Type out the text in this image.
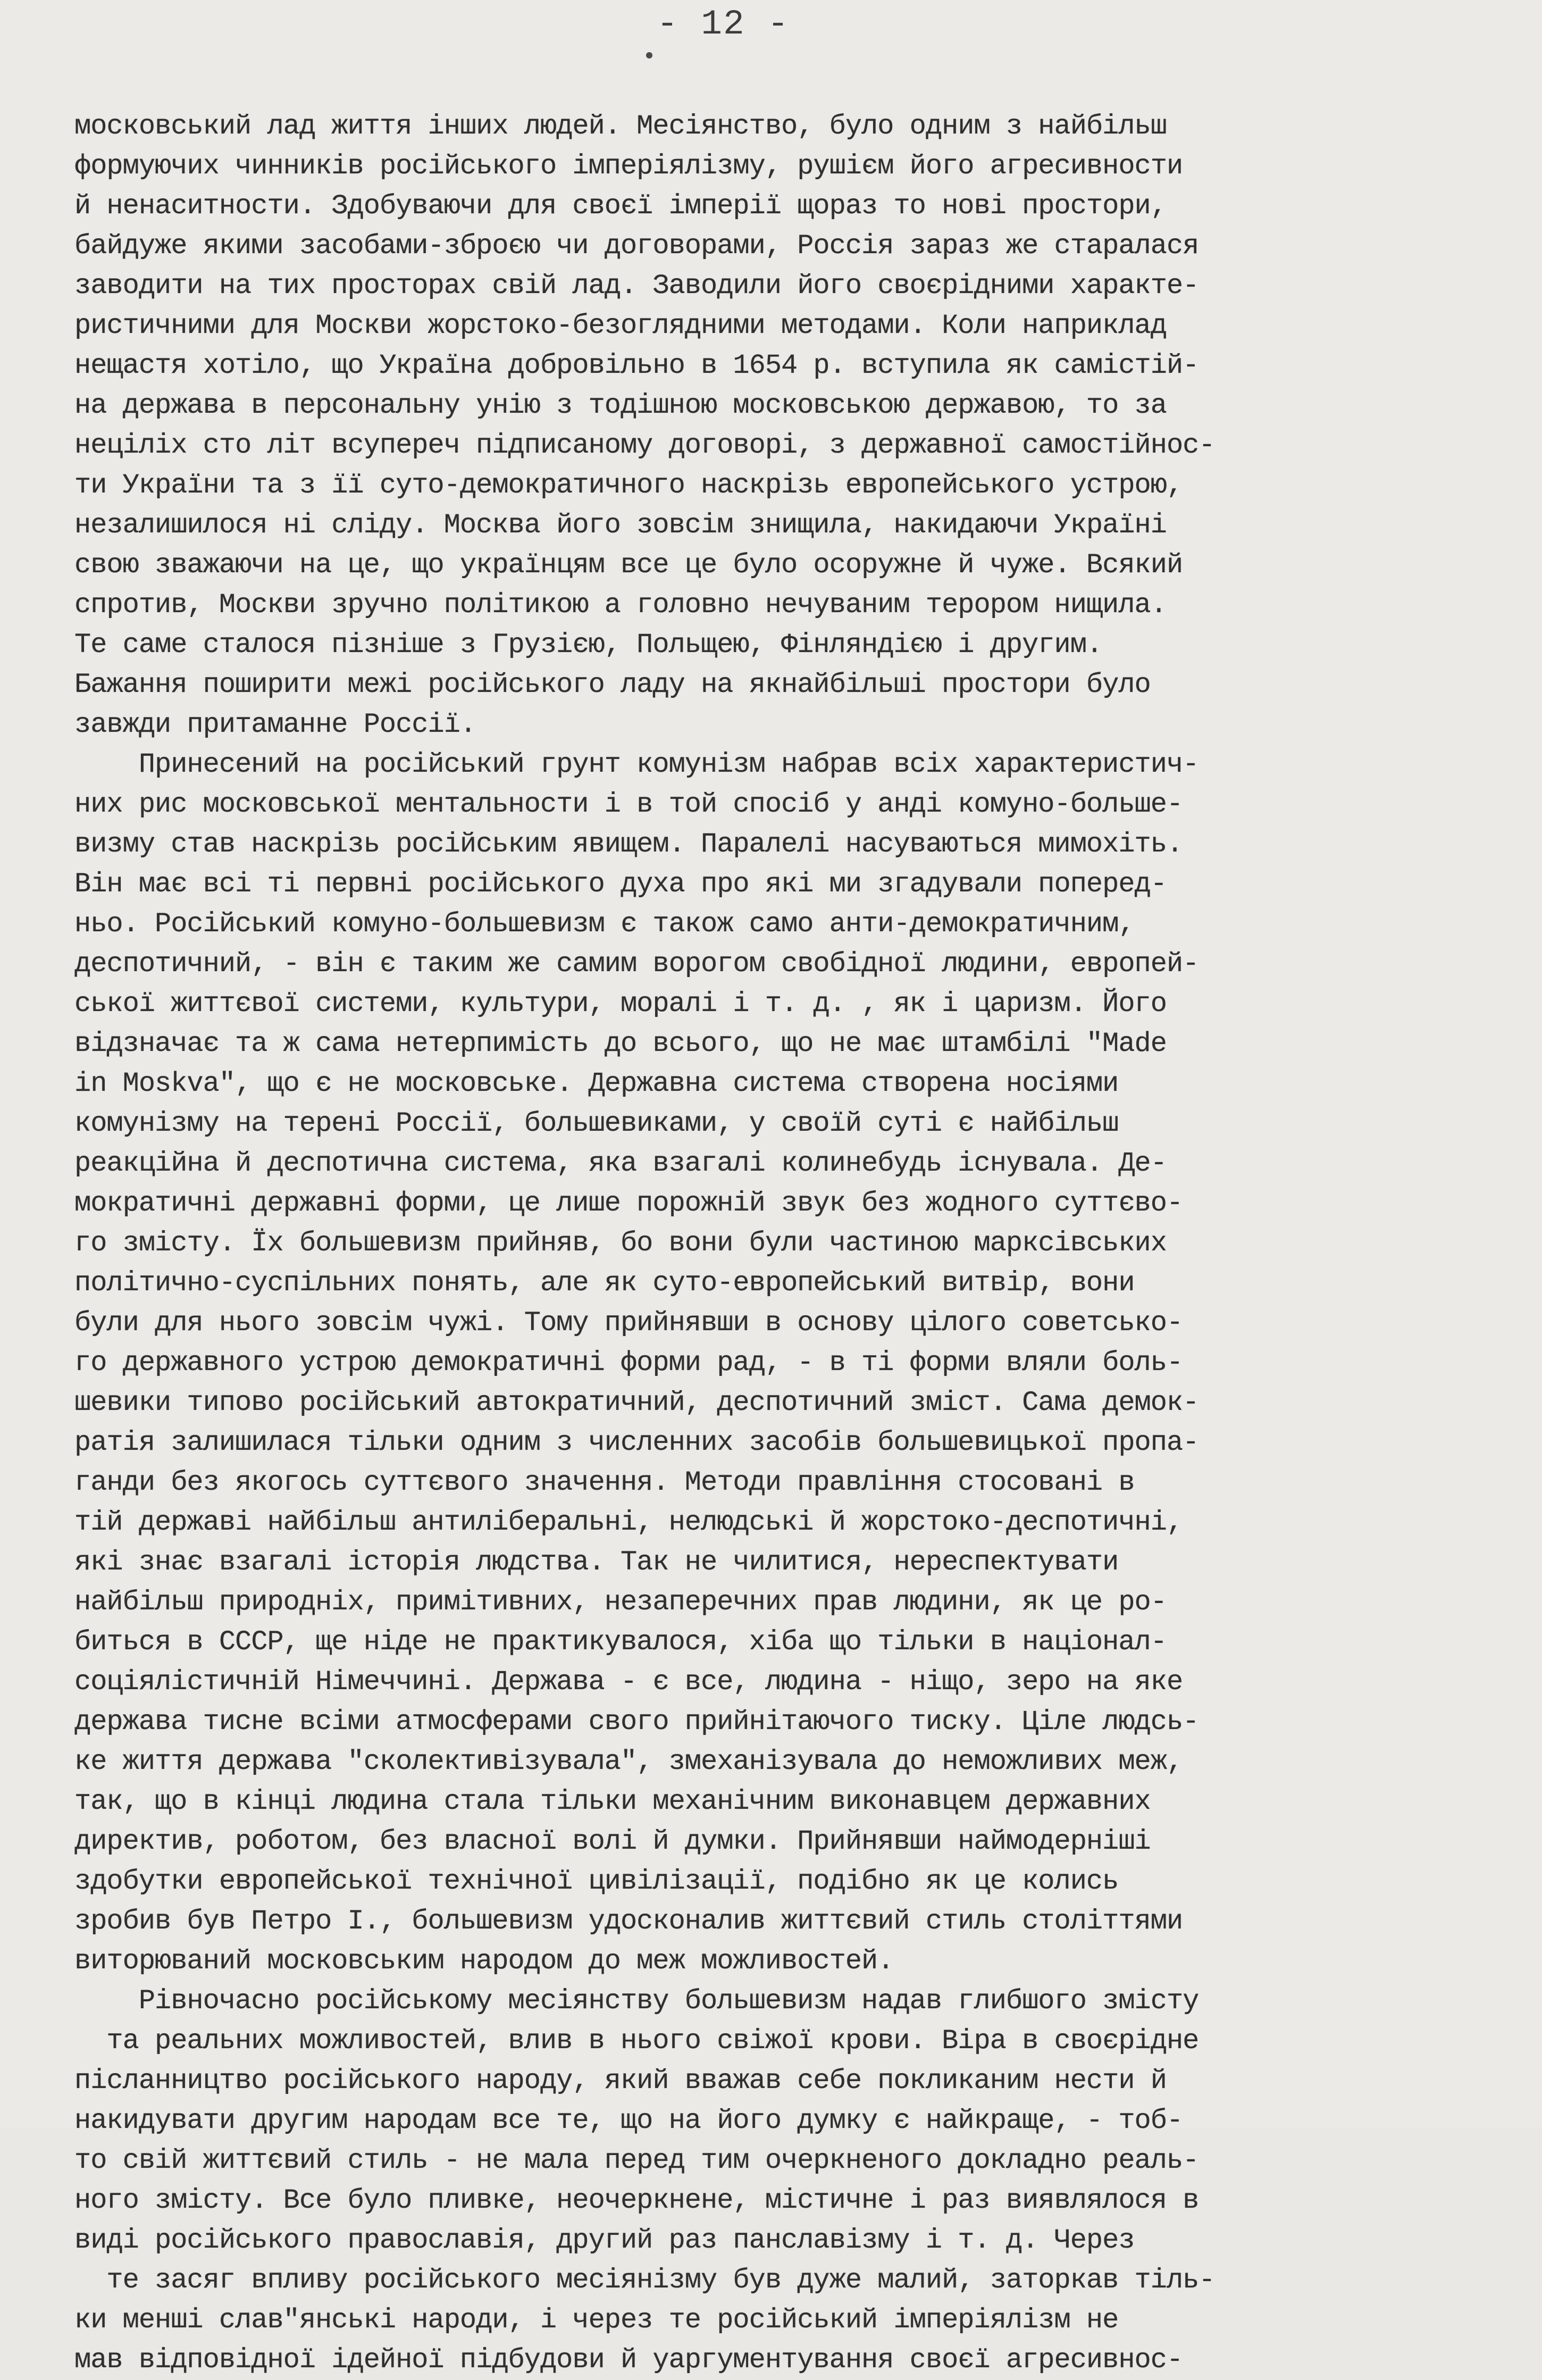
- 12 -
московський лад життя інших людей. Месіянство, було одним з найбільш
формуючих чинників російського імперіялізму, рушієм його агресивности
й ненаситности. Здобуваючи для своєї імперії щораз то нові простори,
байдуже якими засобами-зброєю чи договорами, Россія зараз же старалася
заводити на тих просторах свій лад. Заводили його своєрідними характе-
ристичними для Москви жорстоко-безоглядними методами. Коли наприклад
нещастя хотіло, що Україна добровільно в 1654 р. вступила як самістій-
на держава в персональну унію з тодішною московською державою, то за
неціліх сто літ всупереч підписаному договорі, з державної самостійнос-
ти України та з її суто-демократичного наскрізь европейського устрою,
незалишилося ні сліду. Москва його зовсім знищила, накидаючи Україні
свою зважаючи на це, що українцям все це було осоружне й чуже. Всякий
спротив, Москви зручно політикою а головно нечуваним терором нищила.
Те саме сталося пізніше з Грузією, Польщею, Фінляндією і другим.
Бажання поширити межі російського ладу на якнайбільші простори було
завжди притаманне Россії.
Принесений на російський грунт комунізм набрав всіх характеристич-
них рис московської ментальности і в той спосіб у анді комуно-больше-
визму став наскрізь російським явищем. Паралелі насуваються мимохіть.
Він має всі ті первні російського духа про які ми згадували поперед-
ньо. Російський комуно-большевизм є також само анти-демократичним,
деспотичний, - він є таким же самим ворогом свобідної людини, европей-
ської життєвої системи, культури, моралі і т. д. , як і царизм. Його
відзначає та ж сама нетерпимість до всього, що не має штамбілі "Made
in Moskva", що є не московське. Державна система створена носіями
комунізму на терені Россії, большевиками, у своїй суті є найбільш
реакційна й деспотична система, яка взагалі колинебудь існувала. Де-
мократичні державні форми, це лише порожній звук без жодного суттєво-
го змісту. Їх большевизм прийняв, бо вони були частиною марксівських
політично-суспільних понять, але як суто-европейський витвір, вони
були для нього зовсім чужі. Тому прийнявши в основу цілого советсько-
го державного устрою демократичні форми рад, - в ті форми вляли боль-
шевики типово російський автократичний, деспотичний зміст. Сама демок-
ратія залишилася тільки одним з численних засобів большевицької пропа-
ганди без якогось суттєвого значення. Методи правління стосовані в
тій державі найбільш антиліберальні, нелюдські й жорстоко-деспотичні,
які знає взагалі історія людства. Так не чилитися, нереспектувати
найбільш природніх, примітивних, незаперечних прав людини, як це ро-
биться в СССР, ще ніде не практикувалося, хіба що тільки в націонал-
соціялістичній Німеччині. Держава - є все, людина - ніщо, зеро на яке
держава тисне всіми атмосферами свого прийнітаючого тиску. Ціле людсь-
ке життя держава "сколективізувала", змеханізувала до неможливих меж,
так, що в кінці людина стала тільки механічним виконавцем державних
директив, роботом, без власної волі й думки. Прийнявши наймодерніші
здобутки европейської технічної цивілізації, подібно як це колись
зробив був Петро І., большевизм удосконалив життєвий стиль століттями
виторюваний московським народом до меж можливостей.
Рівночасно російському месіянству большевизм надав глибшого змісту
та реальних можливостей, влив в нього свіжої крови. Віра в своєрідне
післанництво російського народу, який вважав себе покликаним нести й
накидувати другим народам все те, що на його думку є найкраще, - тоб-
то свій життєвий стиль - не мала перед тим очеркненого докладно реаль-
ного змісту. Все було пливке, неочеркнене, містичне і раз виявлялося в
виді російського православія, другий раз панславізму і т. д. Через
те засяг впливу російського месіянізму був дуже малий, заторкав тіль-
ки менші слав"янські народи, і через те російський імперіялізм не
мав відповідної ідейної підбудови й уаргументування своєї агресивнос-
